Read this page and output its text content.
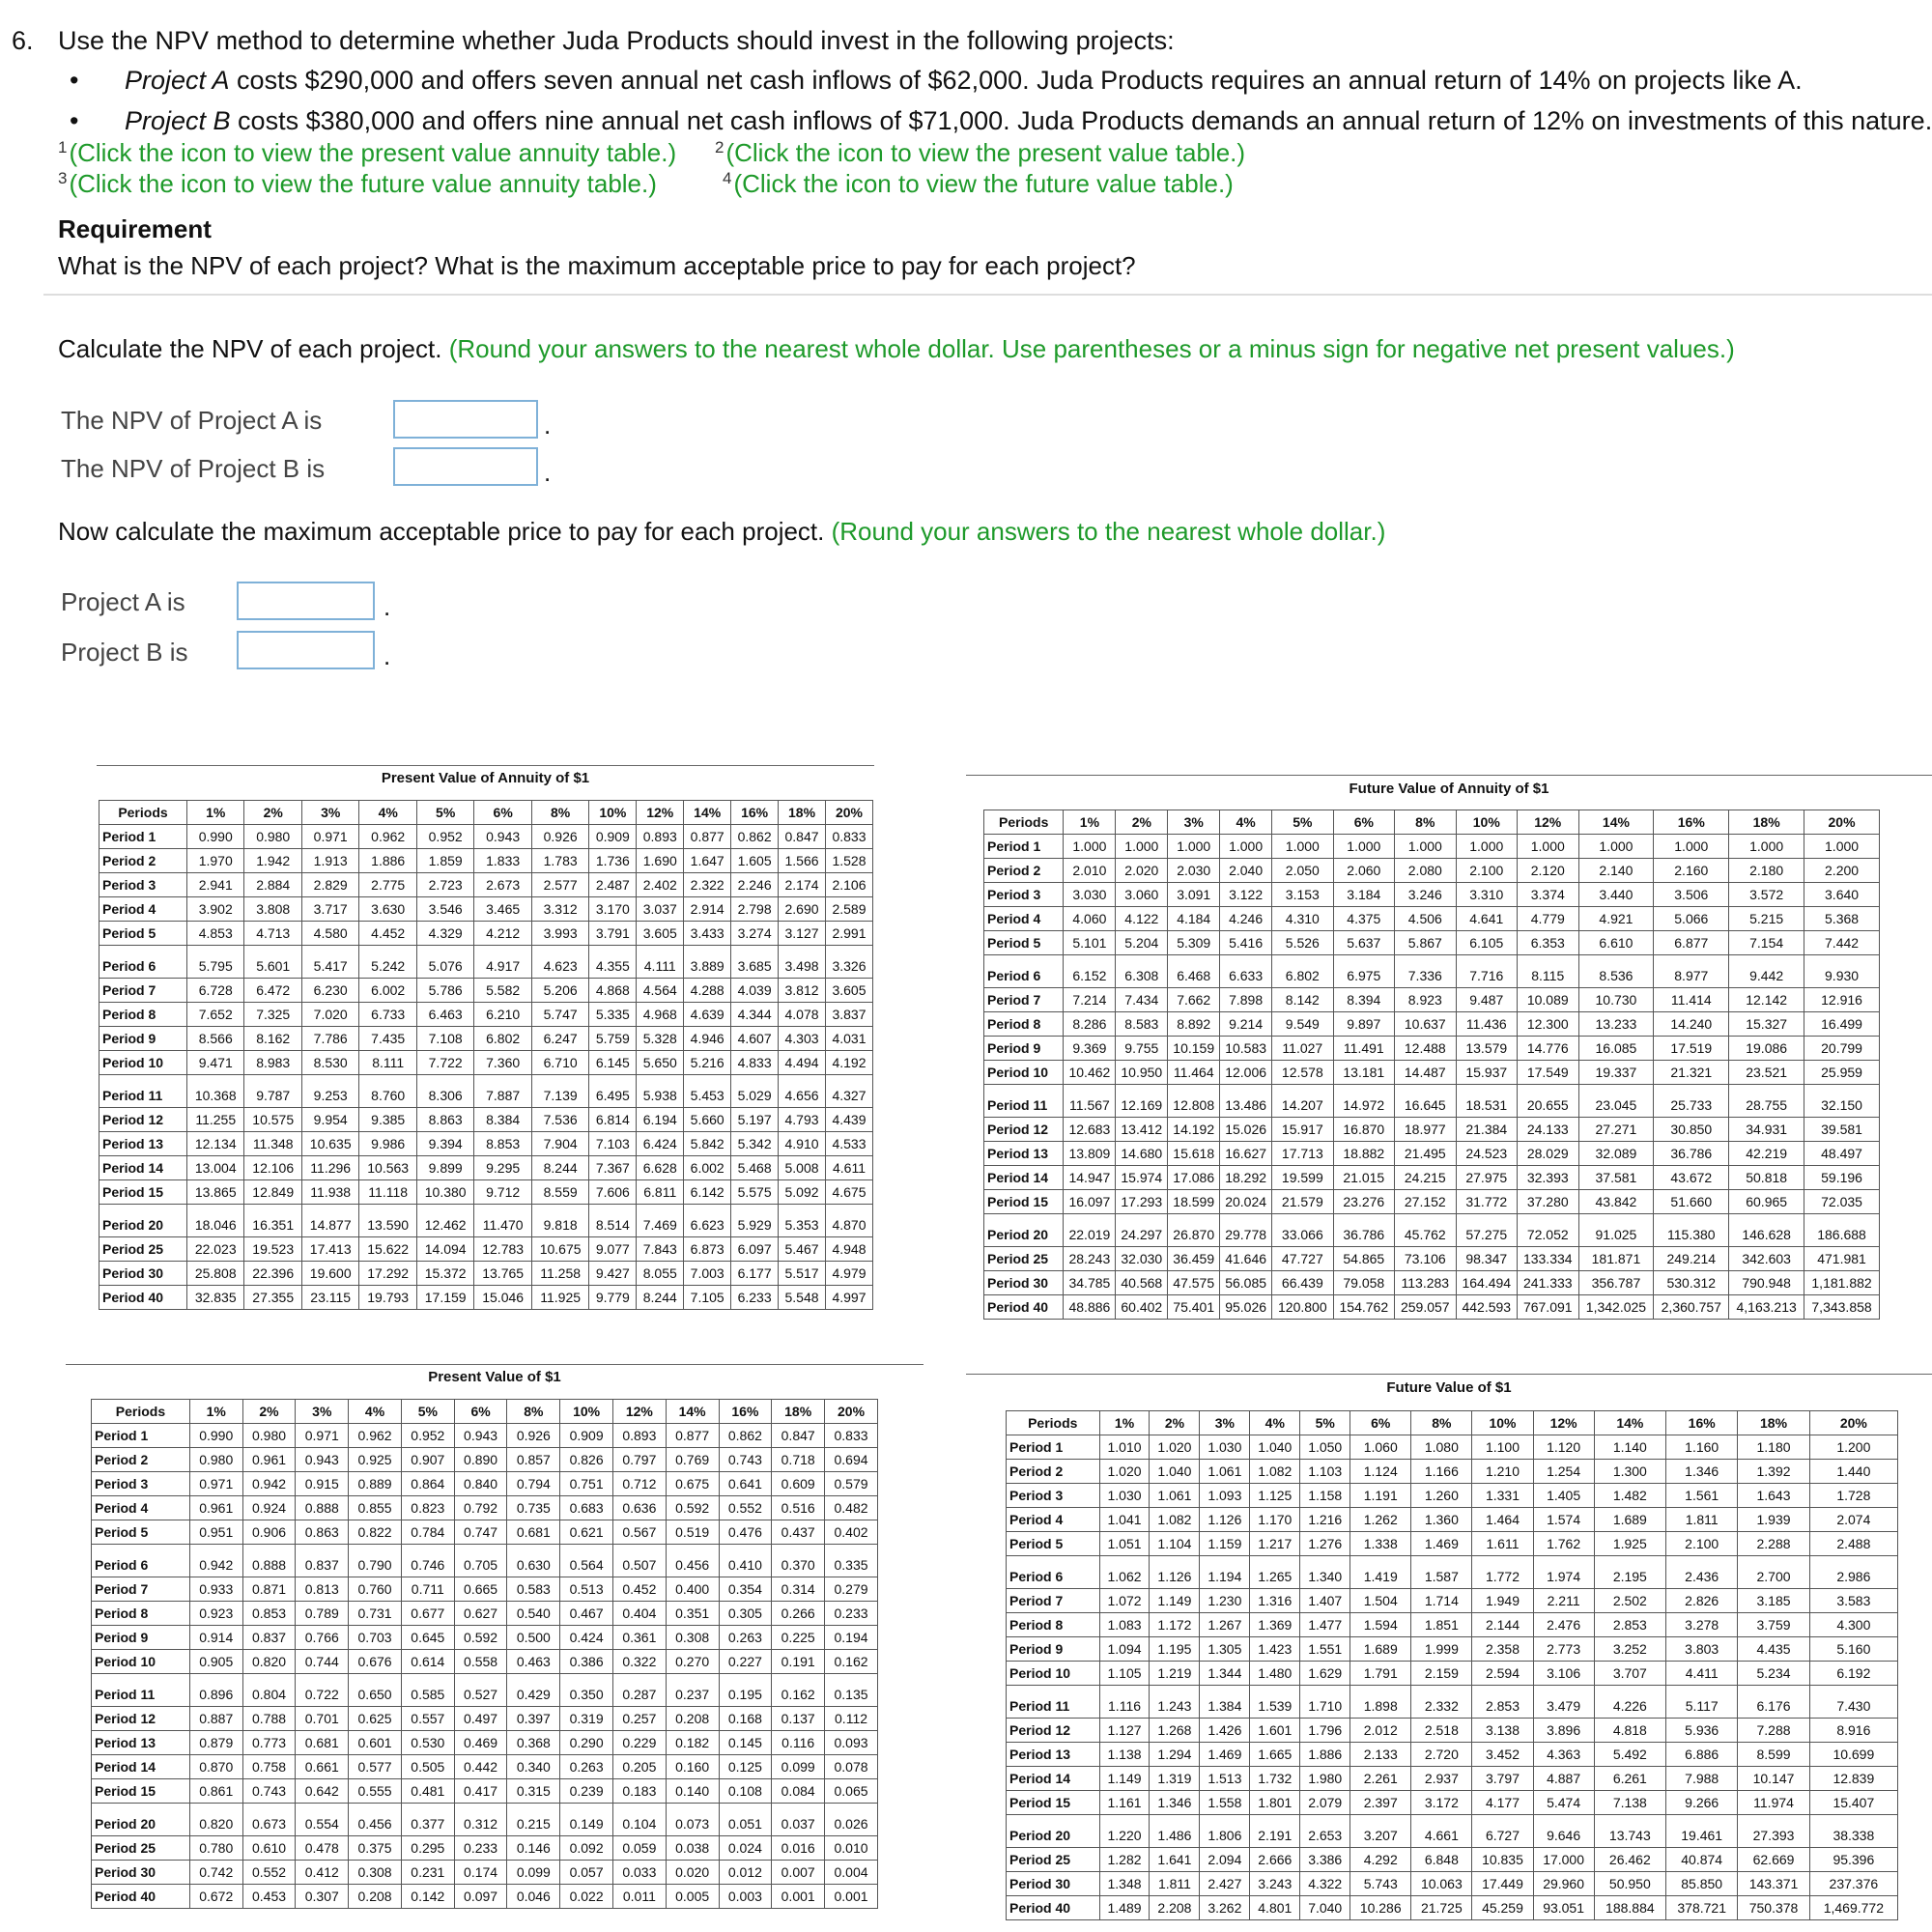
6. Use the NPV method to determine whether Juda Products should invest in the following projects:
• Project A costs $290,000 and offers seven annual net cash inflows of $62,000. Juda Products requires an annual return of 14% on projects like A.
• Project B costs $380,000 and offers nine annual net cash inflows of $71,000. Juda Products demands an annual return of 12% on investments of this nature.
$^1$(Click the icon to view the present value annuity table.) $^2$(Click the icon to view the present value table.)
$^3$(Click the icon to view the future value annuity table.)	$^4$(Click the icon to view the future value table.)
Requirement
What is the NPV of each project? What is the maximum acceptable price to pay for each project?
Calculate the NPV of each project. (Round your answers to the nearest whole dollar. Use parentheses or a minus sign for negative net present values.)
The NPV of Project A is	.
The NPV of Project B is	.
Now calculate the maximum acceptable price to pay for each project. (Round your answers to the nearest whole dollar.)
Project A is	.
Project B is	.
Present Value of Annuity of $1
Periods	1%	2%	3%	4%	5%	6%	8%	10%	12%	14%	16%	18%	20%
Period 1	0.990	0.980	0.971	0.962	0.952	0.943	0.926	0.909	0.893	0.877	0.862	0.847	0.833
Period 2	1.970	1.942	1.913	1.886	1.859	1.833	1.783	1.736	1.690	1.647	1.605	1.566	1.528
Period 3	2.941	2.884	2.829	2.775	2.723	2.673	2.577	2.487	2.402	2.322	2.246	2.174	2.106
Period 4	3.902	3.808	3.717	3.630	3.546	3.465	3.312	3.170	3.037	2.914	2.798	2.690	2.589
Period 5	4.853	4.713	4.580	4.452	4.329	4.212	3.993	3.791	3.605	3.433	3.274	3.127	2.991
Period 6	5.795	5.601	5.417	5.242	5.076	4.917	4.623	4.355	4.111	3.889	3.685	3.498	3.326
Period 7	6.728	6.472	6.230	6.002	5.786	5.582	5.206	4.868	4.564	4.288	4.039	3.812	3.605
Period 8	7.652	7.325	7.020	6.733	6.463	6.210	5.747	5.335	4.968	4.639	4.344	4.078	3.837
Period 9	8.566	8.162	7.786	7.435	7.108	6.802	6.247	5.759	5.328	4.946	4.607	4.303	4.031
Period 10	9.471	8.983	8.530	8.111	7.722	7.360	6.710	6.145	5.650	5.216	4.833	4.494	4.192
Period 11	10.368	9.787	9.253	8.760	8.306	7.887	7.139	6.495	5.938	5.453	5.029	4.656	4.327
Period 12	11.255	10.575	9.954	9.385	8.863	8.384	7.536	6.814	6.194	5.660	5.197	4.793	4.439
Period 13	12.134	11.348	10.635	9.986	9.394	8.853	7.904	7.103	6.424	5.842	5.342	4.910	4.533
Period 14	13.004	12.106	11.296	10.563	9.899	9.295	8.244	7.367	6.628	6.002	5.468	5.008	4.611
Period 15	13.865	12.849	11.938	11.118	10.380	9.712	8.559	7.606	6.811	6.142	5.575	5.092	4.675
Period 20	18.046	16.351	14.877	13.590	12.462	11.470	9.818	8.514	7.469	6.623	5.929	5.353	4.870
Period 25	22.023	19.523	17.413	15.622	14.094	12.783	10.675	9.077	7.843	6.873	6.097	5.467	4.948
Period 30	25.808	22.396	19.600	17.292	15.372	13.765	11.258	9.427	8.055	7.003	6.177	5.517	4.979
Period 40	32.835	27.355	23.115	19.793	17.159	15.046	11.925	9.779	8.244	7.105	6.233	5.548	4.997
Future Value of Annuity of $1
Periods	1%	2%	3%	4%	5%	6%	8%	10%	12%	14%	16%	18%	20%
Period 1	1.000	1.000	1.000	1.000	1.000	1.000	1.000	1.000	1.000	1.000	1.000	1.000	1.000
Period 2	2.010	2.020	2.030	2.040	2.050	2.060	2.080	2.100	2.120	2.140	2.160	2.180	2.200
Period 3	3.030	3.060	3.091	3.122	3.153	3.184	3.246	3.310	3.374	3.440	3.506	3.572	3.640
Period 4	4.060	4.122	4.184	4.246	4.310	4.375	4.506	4.641	4.779	4.921	5.066	5.215	5.368
Period 5	5.101	5.204	5.309	5.416	5.526	5.637	5.867	6.105	6.353	6.610	6.877	7.154	7.442
Period 6	6.152	6.308	6.468	6.633	6.802	6.975	7.336	7.716	8.115	8.536	8.977	9.442	9.930
Period 7	7.214	7.434	7.662	7.898	8.142	8.394	8.923	9.487	10.089	10.730	11.414	12.142	12.916
Period 8	8.286	8.583	8.892	9.214	9.549	9.897	10.637	11.436	12.300	13.233	14.240	15.327	16.499
Period 9	9.369	9.755	10.159	10.583	11.027	11.491	12.488	13.579	14.776	16.085	17.519	19.086	20.799
Period 10	10.462	10.950	11.464	12.006	12.578	13.181	14.487	15.937	17.549	19.337	21.321	23.521	25.959
Period 11	11.567	12.169	12.808	13.486	14.207	14.972	16.645	18.531	20.655	23.045	25.733	28.755	32.150
Period 12	12.683	13.412	14.192	15.026	15.917	16.870	18.977	21.384	24.133	27.271	30.850	34.931	39.581
Period 13	13.809	14.680	15.618	16.627	17.713	18.882	21.495	24.523	28.029	32.089	36.786	42.219	48.497
Period 14	14.947	15.974	17.086	18.292	19.599	21.015	24.215	27.975	32.393	37.581	43.672	50.818	59.196
Period 15	16.097	17.293	18.599	20.024	21.579	23.276	27.152	31.772	37.280	43.842	51.660	60.965	72.035
Period 20	22.019	24.297	26.870	29.778	33.066	36.786	45.762	57.275	72.052	91.025	115.380	146.628	186.688
Period 25	28.243	32.030	36.459	41.646	47.727	54.865	73.106	98.347	133.334	181.871	249.214	342.603	471.981
Period 30	34.785	40.568	47.575	56.085	66.439	79.058	113.283	164.494	241.333	356.787	530.312	790.948	1,181.882
Period 40	48.886	60.402	75.401	95.026	120.800	154.762	259.057	442.593	767.091	1,342.025	2,360.757	4,163.213	7,343.858
Present Value of $1
Periods	1%	2%	3%	4%	5%	6%	8%	10%	12%	14%	16%	18%	20%
Period 1	0.990	0.980	0.971	0.962	0.952	0.943	0.926	0.909	0.893	0.877	0.862	0.847	0.833
Period 2	0.980	0.961	0.943	0.925	0.907	0.890	0.857	0.826	0.797	0.769	0.743	0.718	0.694
Period 3	0.971	0.942	0.915	0.889	0.864	0.840	0.794	0.751	0.712	0.675	0.641	0.609	0.579
Period 4	0.961	0.924	0.888	0.855	0.823	0.792	0.735	0.683	0.636	0.592	0.552	0.516	0.482
Period 5	0.951	0.906	0.863	0.822	0.784	0.747	0.681	0.621	0.567	0.519	0.476	0.437	0.402
Period 6	0.942	0.888	0.837	0.790	0.746	0.705	0.630	0.564	0.507	0.456	0.410	0.370	0.335
Period 7	0.933	0.871	0.813	0.760	0.711	0.665	0.583	0.513	0.452	0.400	0.354	0.314	0.279
Period 8	0.923	0.853	0.789	0.731	0.677	0.627	0.540	0.467	0.404	0.351	0.305	0.266	0.233
Period 9	0.914	0.837	0.766	0.703	0.645	0.592	0.500	0.424	0.361	0.308	0.263	0.225	0.194
Period 10	0.905	0.820	0.744	0.676	0.614	0.558	0.463	0.386	0.322	0.270	0.227	0.191	0.162
Period 11	0.896	0.804	0.722	0.650	0.585	0.527	0.429	0.350	0.287	0.237	0.195	0.162	0.135
Period 12	0.887	0.788	0.701	0.625	0.557	0.497	0.397	0.319	0.257	0.208	0.168	0.137	0.112
Period 13	0.879	0.773	0.681	0.601	0.530	0.469	0.368	0.290	0.229	0.182	0.145	0.116	0.093
Period 14	0.870	0.758	0.661	0.577	0.505	0.442	0.340	0.263	0.205	0.160	0.125	0.099	0.078
Period 15	0.861	0.743	0.642	0.555	0.481	0.417	0.315	0.239	0.183	0.140	0.108	0.084	0.065
Period 20	0.820	0.673	0.554	0.456	0.377	0.312	0.215	0.149	0.104	0.073	0.051	0.037	0.026
Period 25	0.780	0.610	0.478	0.375	0.295	0.233	0.146	0.092	0.059	0.038	0.024	0.016	0.010
Period 30	0.742	0.552	0.412	0.308	0.231	0.174	0.099	0.057	0.033	0.020	0.012	0.007	0.004
Period 40	0.672	0.453	0.307	0.208	0.142	0.097	0.046	0.022	0.011	0.005	0.003	0.001	0.001
Future Value of $1
Periods	1%	2%	3%	4%	5%	6%	8%	10%	12%	14%	16%	18%	20%
Period 1	1.010	1.020	1.030	1.040	1.050	1.060	1.080	1.100	1.120	1.140	1.160	1.180	1.200
Period 2	1.020	1.040	1.061	1.082	1.103	1.124	1.166	1.210	1.254	1.300	1.346	1.392	1.440
Period 3	1.030	1.061	1.093	1.125	1.158	1.191	1.260	1.331	1.405	1.482	1.561	1.643	1.728
Period 4	1.041	1.082	1.126	1.170	1.216	1.262	1.360	1.464	1.574	1.689	1.811	1.939	2.074
Period 5	1.051	1.104	1.159	1.217	1.276	1.338	1.469	1.611	1.762	1.925	2.100	2.288	2.488
Period 6	1.062	1.126	1.194	1.265	1.340	1.419	1.587	1.772	1.974	2.195	2.436	2.700	2.986
Period 7	1.072	1.149	1.230	1.316	1.407	1.504	1.714	1.949	2.211	2.502	2.826	3.185	3.583
Period 8	1.083	1.172	1.267	1.369	1.477	1.594	1.851	2.144	2.476	2.853	3.278	3.759	4.300
Period 9	1.094	1.195	1.305	1.423	1.551	1.689	1.999	2.358	2.773	3.252	3.803	4.435	5.160
Period 10	1.105	1.219	1.344	1.480	1.629	1.791	2.159	2.594	3.106	3.707	4.411	5.234	6.192
Period 11	1.116	1.243	1.384	1.539	1.710	1.898	2.332	2.853	3.479	4.226	5.117	6.176	7.430
Period 12	1.127	1.268	1.426	1.601	1.796	2.012	2.518	3.138	3.896	4.818	5.936	7.288	8.916
Period 13	1.138	1.294	1.469	1.665	1.886	2.133	2.720	3.452	4.363	5.492	6.886	8.599	10.699
Period 14	1.149	1.319	1.513	1.732	1.980	2.261	2.937	3.797	4.887	6.261	7.988	10.147	12.839
Period 15	1.161	1.346	1.558	1.801	2.079	2.397	3.172	4.177	5.474	7.138	9.266	11.974	15.407
Period 20	1.220	1.486	1.806	2.191	2.653	3.207	4.661	6.727	9.646	13.743	19.461	27.393	38.338
Period 25	1.282	1.641	2.094	2.666	3.386	4.292	6.848	10.835	17.000	26.462	40.874	62.669	95.396
Period 30	1.348	1.811	2.427	3.243	4.322	5.743	10.063	17.449	29.960	50.950	85.850	143.371	237.376
Period 40	1.489	2.208	3.262	4.801	7.040	10.286	21.725	45.259	93.051	188.884	378.721	750.378	1,469.772
